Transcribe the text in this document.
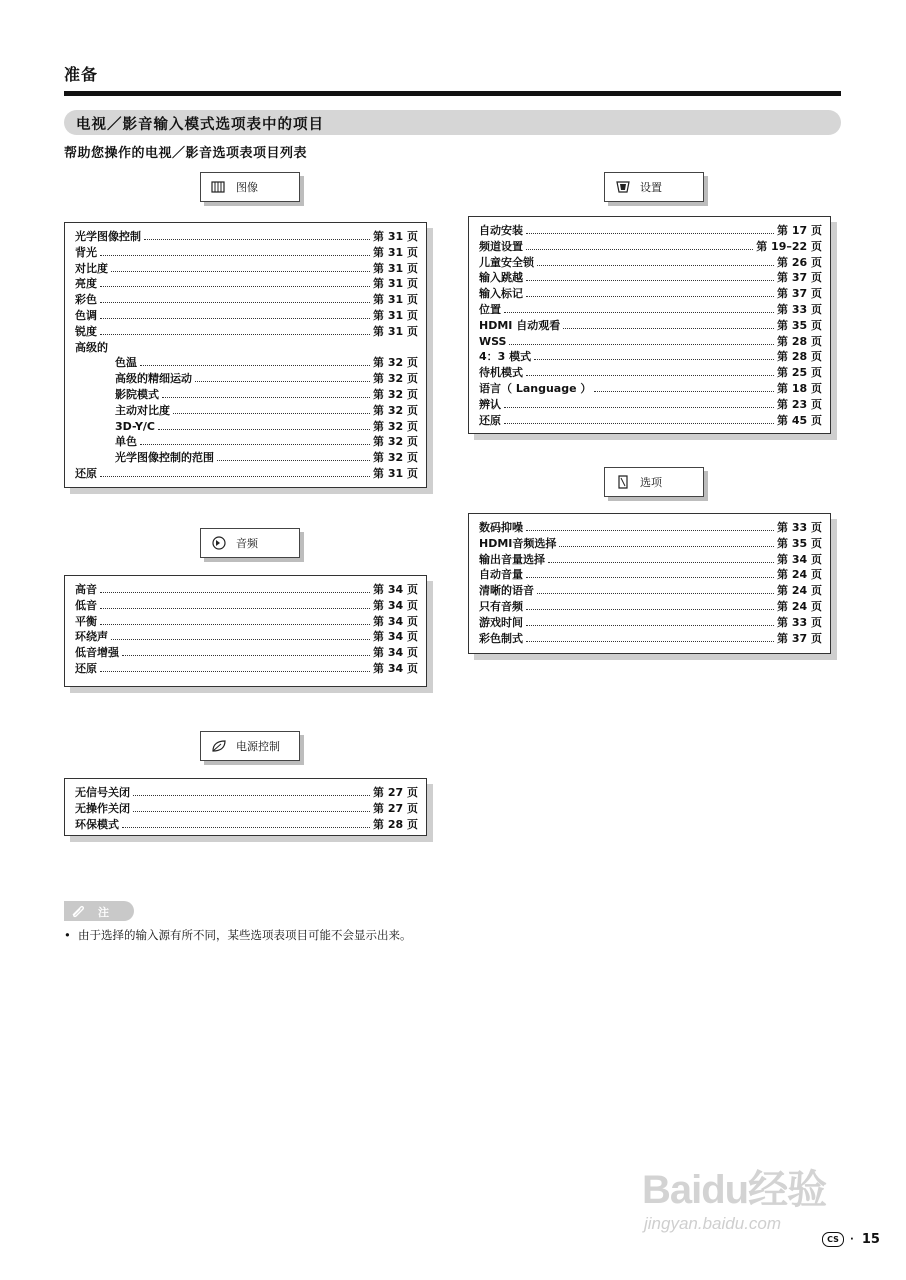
准备
电视／影音输入模式选项表中的项目
帮助您操作的电视／影音选项表项目列表
图像
光学图像控制	第 31 页
背光	第 31 页
对比度	第 31 页
亮度	第 31 页
彩色	第 31 页
色调	第 31 页
锐度	第 31 页
高级的
色温	第 32 页
高级的精细运动	第 32 页
影院模式	第 32 页
主动对比度	第 32 页
3D-Y/C	第 32 页
单色	第 32 页
光学图像控制的范围	第 32 页
还原	第 31 页
音频
高音	第 34 页
低音	第 34 页
平衡	第 34 页
环绕声	第 34 页
低音增强	第 34 页
还原	第 34 页
电源控制
无信号关闭	第 27 页
无操作关闭	第 27 页
环保模式	第 28 页
设置
自动安装	第 17 页
频道设置	第 19–22 页
儿童安全锁	第 26 页
输入跳越	第 37 页
输入标记	第 37 页
位置	第 33 页
HDMI 自动观看	第 35 页
WSS	第 28 页
4：3 模式	第 28 页
待机模式	第 25 页
语言（ Language ）	第 18 页
辨认	第 23 页
还原	第 45 页
选项
数码抑噪	第 33 页
HDMI音频选择	第 35 页
输出音量选择	第 34 页
自动音量	第 24 页
清晰的语音	第 24 页
只有音频	第 24 页
游戏时间	第 33 页
彩色制式	第 37 页
注
• 由于选择的输入源有所不同，某些选项表项目可能不会显示出来。
Baidu经验
jingyan.baidu.com
CS	· 15
